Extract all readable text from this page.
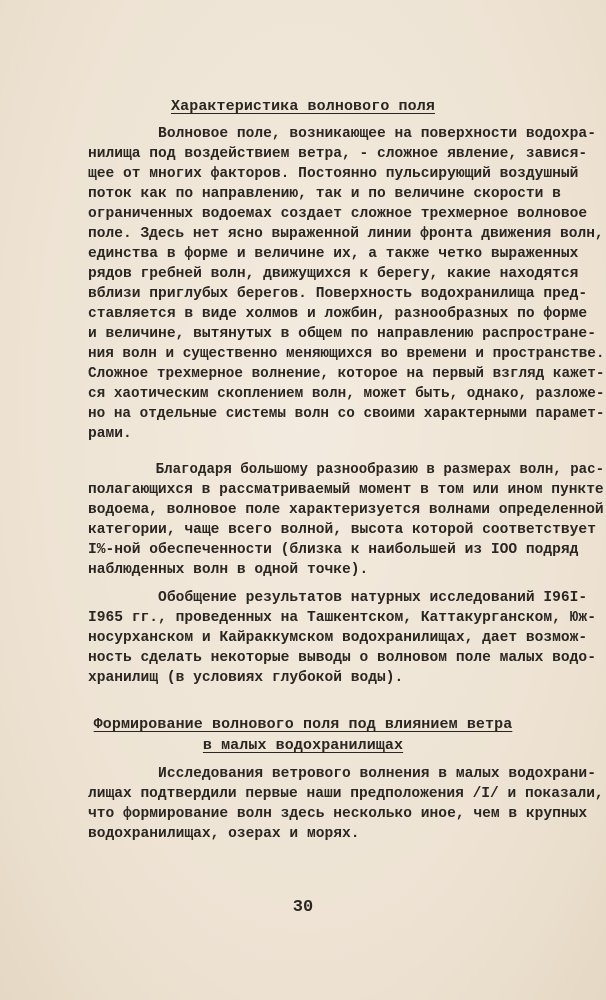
Характеристика волнового поля
Волновое поле, возникающее на поверхности водохра-
нилища под воздействием ветра, - сложное явление, завися-
щее от многих факторов. Постоянно пульсирующий воздушный
поток как по направлению, так и по величине скорости в
ограниченных водоемах создает сложное трехмерное волновое
поле. Здесь нет ясно выраженной линии фронта движения волн,
единства в форме и величине их, а также четко выраженных
рядов гребней волн, движущихся к берегу, какие находятся
вблизи приглубых берегов. Поверхность водохранилища пред-
ставляется в виде холмов и ложбин, разнообразных по форме
и величине, вытянутых в общем по направлению распростране-
ния волн и существенно меняющихся во времени и пространстве.
Сложное трехмерное волнение, которое на первый взгляд кажет-
ся хаотическим скоплением волн, может быть, однако, разложе-
но на отдельные системы волн со своими характерными парамет-
рами.
Благодаря большому разнообразию в размерах волн, рас-
полагающихся в рассматриваемый момент в том или ином пункте
водоема, волновое поле характеризуется волнами определенной
категории, чаще всего волной, высота которой соответствует
I%-ной обеспеченности (близка к наибольшей из IOO подряд
наблюденных волн в одной точке).
Обобщение результатов натурных исследований I96I-
I965 гг., проведенных на Ташкентском, Каттакурганском, Юж-
носурханском и Кайраккумском водохранилищах, дает возмож-
ность сделать некоторые выводы о волновом поле малых водо-
хранилищ (в условиях глубокой воды).
Формирование волнового поля под влиянием ветра
в малых водохранилищах
Исследования ветрового волнения в малых водохрани-
лищах подтвердили первые наши предположения /I/ и показали,
что формирование волн здесь несколько иное, чем в крупных
водохранилищах, озерах и морях.
30
